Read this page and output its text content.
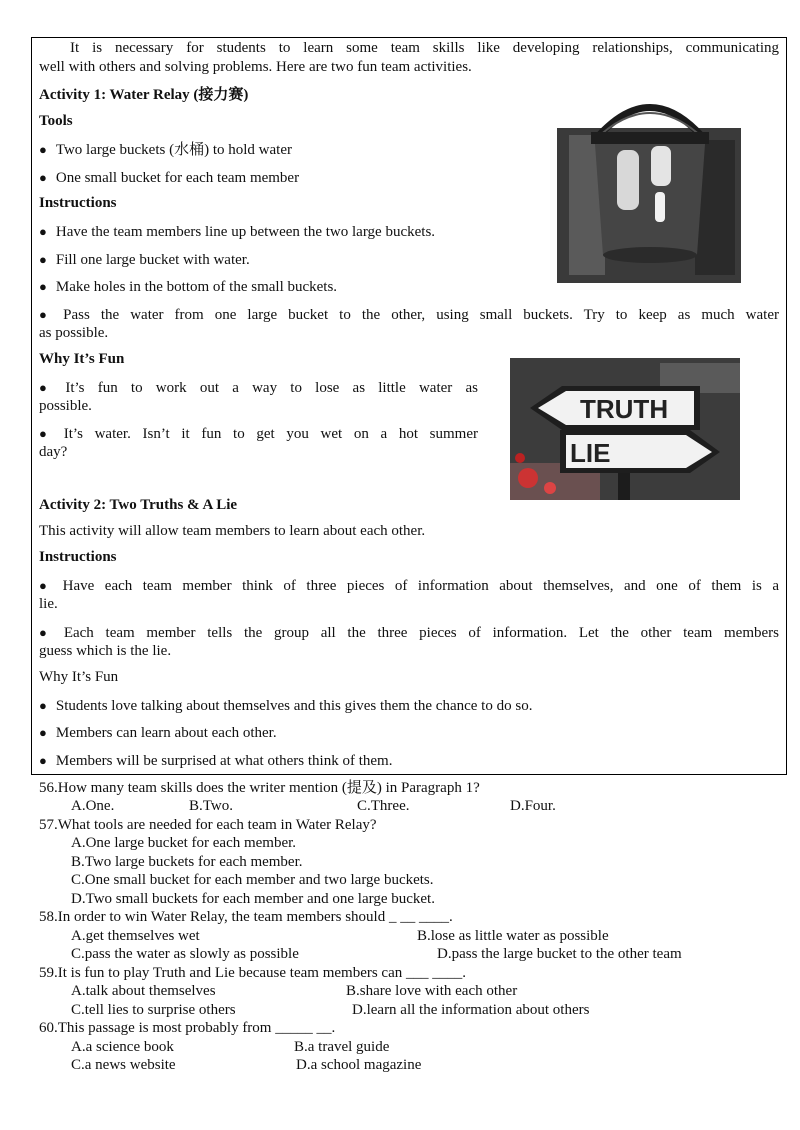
It is necessary for students to learn some team skills like developing relationships, communicating
well with others and solving problems. Here are two fun team activities.
Activity 1: Water Relay (接力赛)
Tools
● Two large buckets (水桶) to hold water
● One small bucket for each team member
Instructions
● Have the team members line up between the two large buckets.
● Fill one large bucket with water.
● Make holes in the bottom of the small buckets.
● Pass the water from one large bucket to the other, using small buckets. Try to keep as much water
as possible.
Why It’s Fun
● It’s fun to work out a way to lose as little water as
possible.
● It’s water. Isn’t it fun to get you wet on a hot summer
day?
Activity 2: Two Truths & A Lie
This activity will allow team members to learn about each other.
Instructions
● Have each team member think of three pieces of information about themselves, and one of them is a
lie.
● Each team member tells the group all the three pieces of information. Let the other team members
guess which is the lie.
Why It’s Fun
● Students love talking about themselves and this gives them the chance to do so.
● Members can learn about each other.
● Members will be surprised at what others think of them.
TRUTH
LIE
56.How many team skills does the writer mention (提及) in Paragraph 1?
A.One.	B.Two.	C.Three.	D.Four.
57.What tools are needed for each team in Water Relay?
A.One large bucket for each member.
B.Two large buckets for each member.
C.One small bucket for each member and two large buckets.
D.Two small buckets for each member and one large bucket.
58.In order to win Water Relay, the team members should _ __ ____.
A.get themselves wet	B.lose as little water as possible
C.pass the water as slowly as possible	D.pass the large bucket to the other team
59.It is fun to play Truth and Lie because team members can ___ ____.
A.talk about themselves	B.share love with each other
C.tell lies to surprise others	D.learn all the information about others
60.This passage is most probably from _____ __.
A.a science book	B.a travel guide
C.a news website	D.a school magazine
